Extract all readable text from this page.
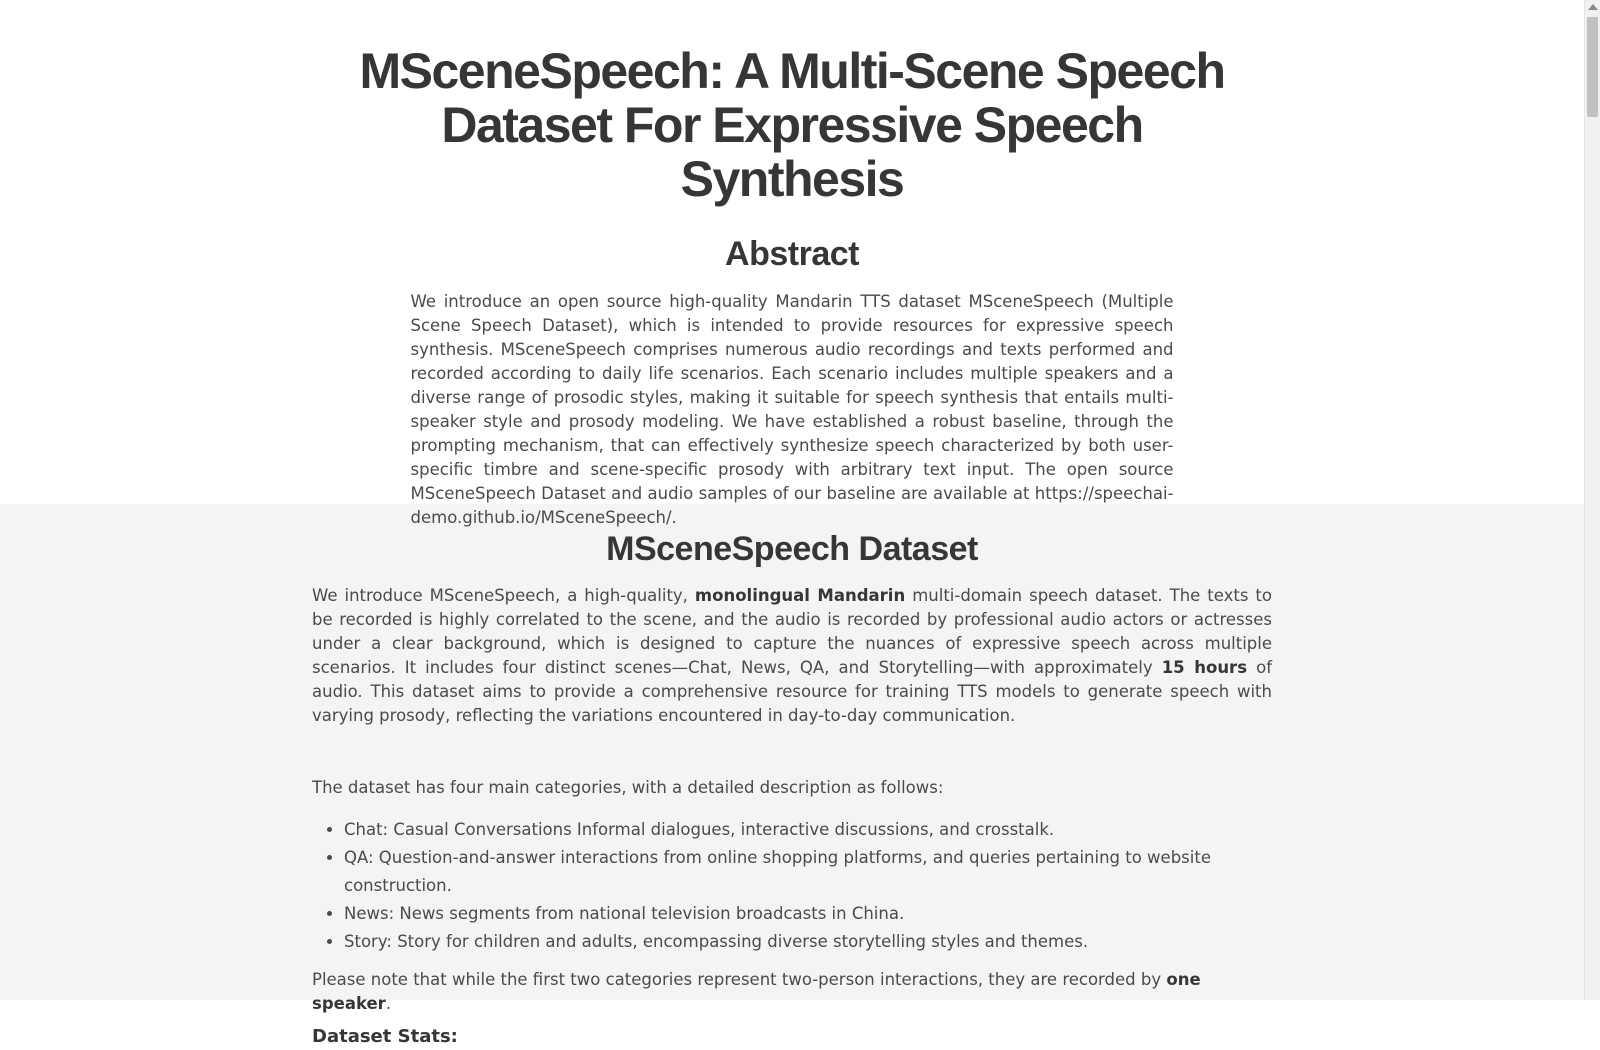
MSceneSpeech: A Multi-Scene Speech Dataset For Expressive Speech Synthesis
Abstract

We introduce an open source high-quality Mandarin TTS dataset MSceneSpeech (Multiple Scene Speech Dataset), which is intended to provide resources for expressive speech synthesis. MSceneSpeech comprises numerous audio recordings and texts performed and recorded according to daily life scenarios. Each scenario includes multiple speakers and a diverse range of prosodic styles, making it suitable for speech synthesis that entails multi-speaker style and prosody modeling. We have established a robust baseline, through the prompting mechanism, that can effectively synthesize speech characterized by both user-specific timbre and scene-specific prosody with arbitrary text input. The open source MSceneSpeech Dataset and audio samples of our baseline are available at https://speechai-demo.github.io/MSceneSpeech/.

MSceneSpeech Dataset

We introduce MSceneSpeech, a high-quality, monolingual Mandarin multi-domain speech dataset. The texts to be recorded is highly correlated to the scene, and the audio is recorded by professional audio actors or actresses under a clear background, which is designed to capture the nuances of expressive speech across multiple scenarios. It includes four distinct scenes—Chat, News, QA, and Storytelling—with approximately 15 hours of audio. This dataset aims to provide a comprehensive resource for training TTS models to generate speech with varying prosody, reflecting the variations encountered in day-to-day communication.

The dataset has four main categories, with a detailed description as follows:

• Chat: Casual Conversations Informal dialogues, interactive discussions, and crosstalk.
• QA: Question-and-answer interactions from online shopping platforms, and queries pertaining to website construction.
• News: News segments from national television broadcasts in China.
• Story: Story for children and adults, encompassing diverse storytelling styles and themes.

Please note that while the first two categories represent two-person interactions, they are recorded by one speaker.

Dataset Stats:
